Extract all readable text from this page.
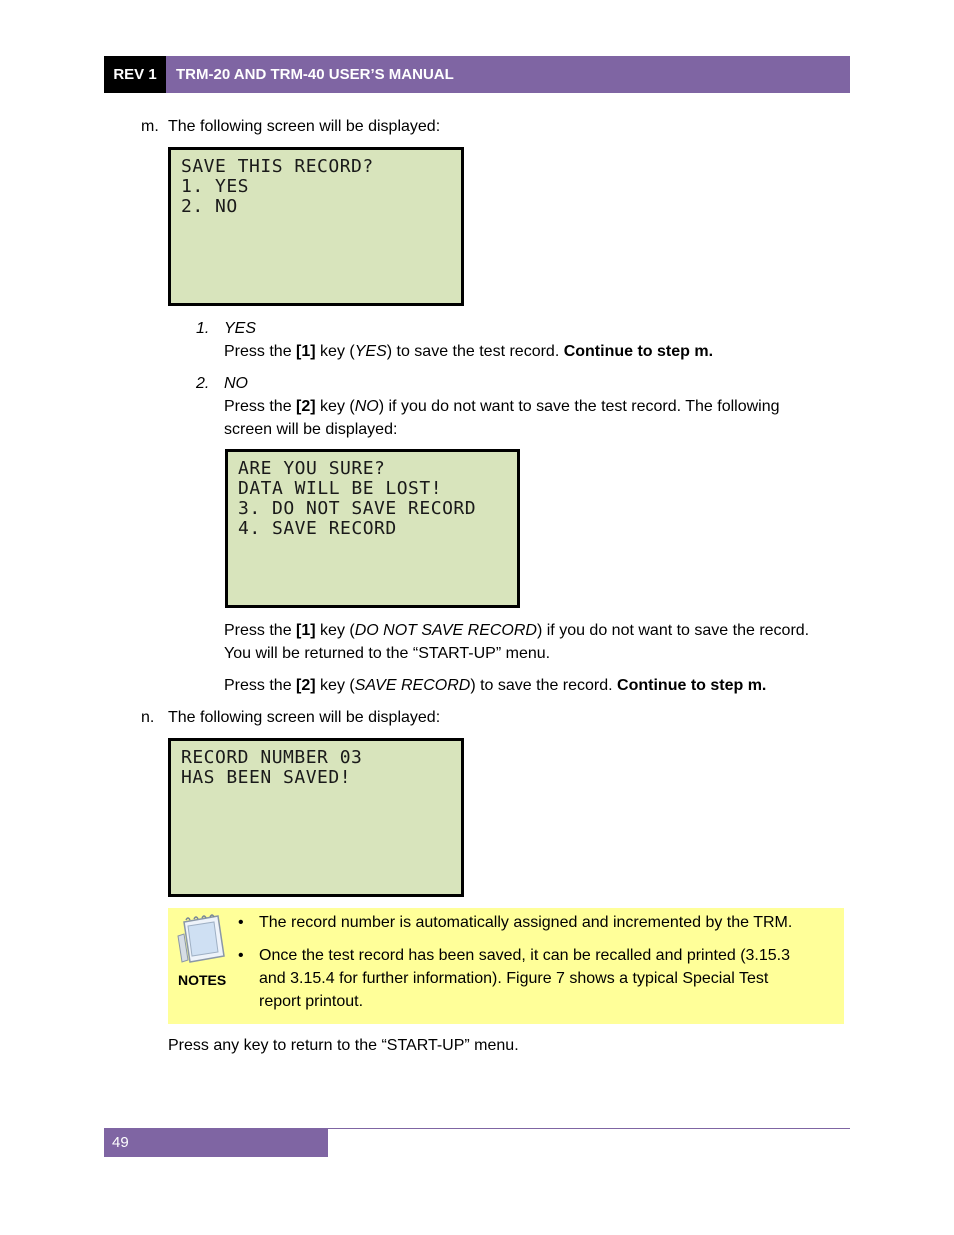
REV 1	TRM-20 AND TRM-40 USER’S MANUAL
m. The following screen will be displayed:
SAVE THIS RECORD?
1. YES
2. NO
1. YES
Press the [1] key (YES) to save the test record. Continue to step m.
2. NO
Press the [2] key (NO) if you do not want to save the test record. The following
screen will be displayed:
ARE YOU SURE?
DATA WILL BE LOST!
3. DO NOT SAVE RECORD
4. SAVE RECORD
Press the [1] key (DO NOT SAVE RECORD) if you do not want to save the record.
You will be returned to the “START-UP” menu.
Press the [2] key (SAVE RECORD) to save the record. Continue to step m.
n. The following screen will be displayed:
RECORD NUMBER 03
HAS BEEN SAVED!
NOTES
• The record number is automatically assigned and incremented by the TRM.
• Once the test record has been saved, it can be recalled and printed (3.15.3
and 3.15.4 for further information). Figure 7 shows a typical Special Test
report printout.
Press any key to return to the “START-UP” menu.
49
